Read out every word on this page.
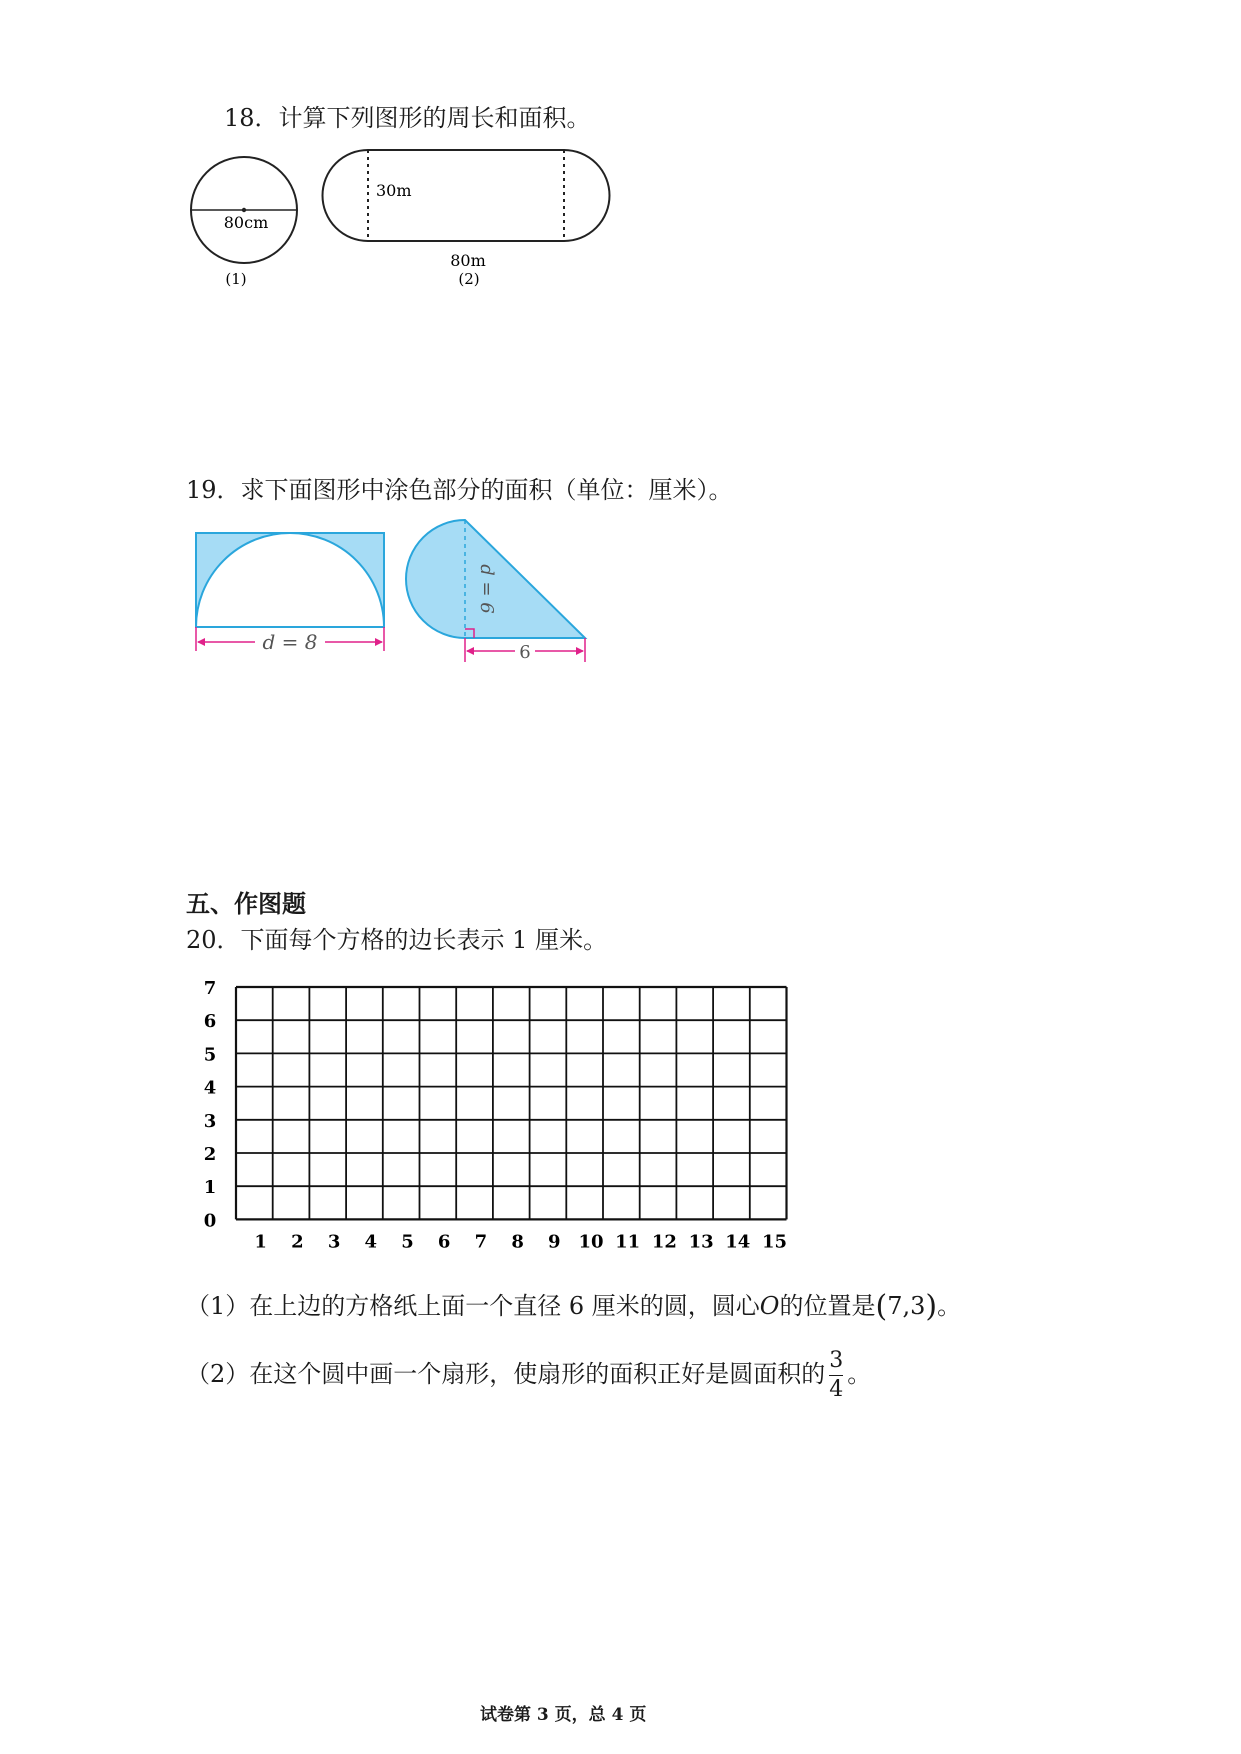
18．计算下列图形的周长和面积。
80cm
(1)
30m
80m
(2)
19．求下面图形中涂色部分的面积（单位：厘米）。
d = 8
d = 6
6
五、作图题
20．下面每个方格的边长表示 1 厘米。
7
6
5
4
3
2
1
0
1 2 3 4 5 6 7 8 9 10 11 12 13 14 15
（1）在上边的方格纸上面一个直径 6 厘米的圆，圆心O的位置是(7,3)。
（2）在这个圆中画一个扇形，使扇形的面积正好是圆面积的 $\frac{3}{4}$ 。
试卷第 3 页，总 4 页
